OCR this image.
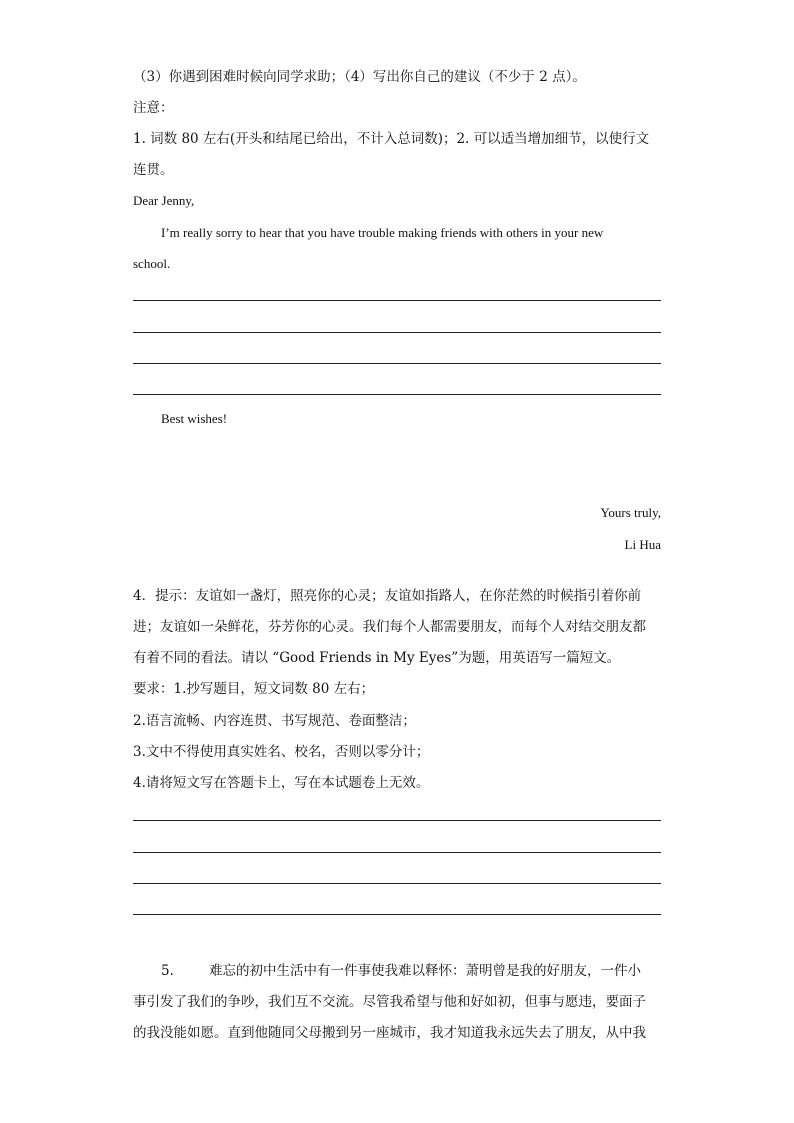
（3）你遇到困难时候向同学求助；（4）写出你自己的建议（不少于 2 点）。
注意：
1. 词数 80 左右(开头和结尾已给出，不计入总词数)；2. 可以适当增加细节，以使行文
连贯。
Dear Jenny,
I’m really sorry to hear that you have trouble making friends with others in your new
school.
Best wishes!
Yours truly,
Li Hua
4．提示：友谊如一盏灯，照亮你的心灵；友谊如指路人，在你茫然的时候指引着你前
进；友谊如一朵鲜花，芬芳你的心灵。我们每个人都需要朋友，而每个人对结交朋友都
有着不同的看法。请以 “Good Friends in My Eyes”为题，用英语写一篇短文。
要求：1.抄写题目，短文词数 80 左右；
2.语言流畅、内容连贯、书写规范、卷面整洁；
3.文中不得使用真实姓名、校名，否则以零分计；
4.请将短文写在答题卡上，写在本试题卷上无效。
5． 难忘的初中生活中有一件事使我难以释怀：萧明曾是我的好朋友，一件小
事引发了我们的争吵，我们互不交流。尽管我希望与他和好如初，但事与愿违，要面子
的我没能如愿。直到他随同父母搬到另一座城市，我才知道我永远失去了朋友，从中我
